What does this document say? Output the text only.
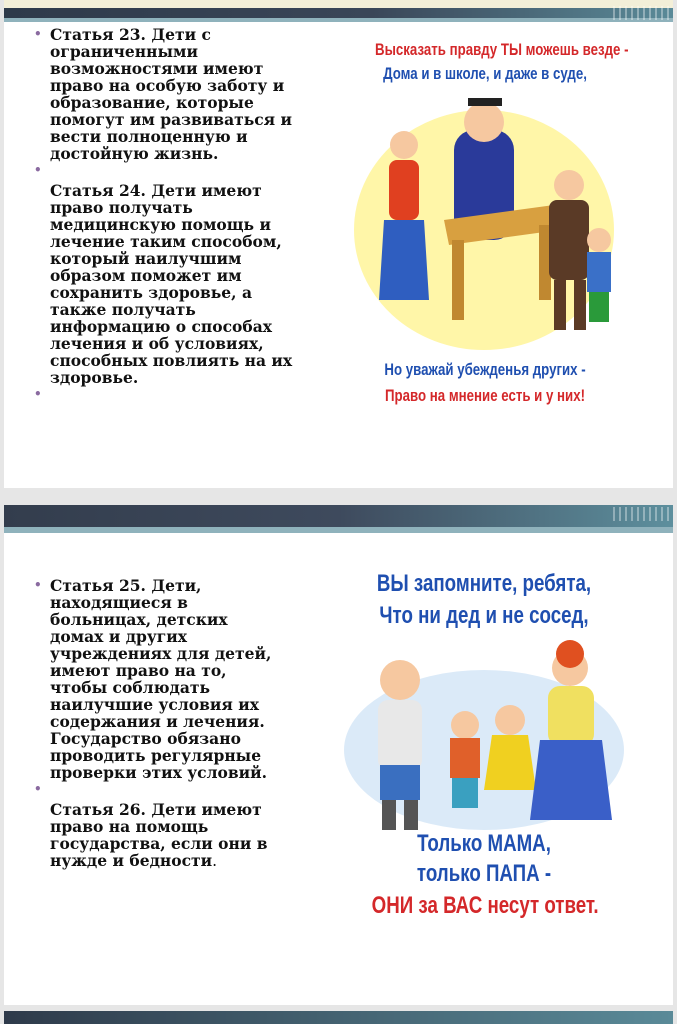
• Статья 23. Дети с
ограниченными
возможностями имеют
право на особую заботу и
образование, которые
помогут им развиваться и
вести полноценную и
достойную жизнь.

•

Статья 24. Дети имеют
право получать
медицинскую помощь и
лечение таким способом,
который наилучшим
образом поможет им
сохранить здоровье, а
также получать
информацию о способах
лечения и об условиях,
способных повлиять на их
здоровье.

•
Высказать правду ТЫ можешь везде -
Дома и в школе, и даже в суде,
Но уважай убежденья других -
Право на мнение есть и у них!
• Статья 25. Дети,
находящиеся в
больницах, детских
домах и других
учреждениях для детей,
имеют право на то,
чтобы соблюдать
наилучшие условия их
содержания и лечения.
Государство обязано
проводить регулярные
проверки этих условий.

•

Статья 26. Дети имеют
право на помощь
государства, если они в
нужде и бедности.

ВЫ запомните, ребята,
Что ни дед и не сосед,
Только МАМА,
только ПАПА -
ОНИ за ВАС несут ответ.
